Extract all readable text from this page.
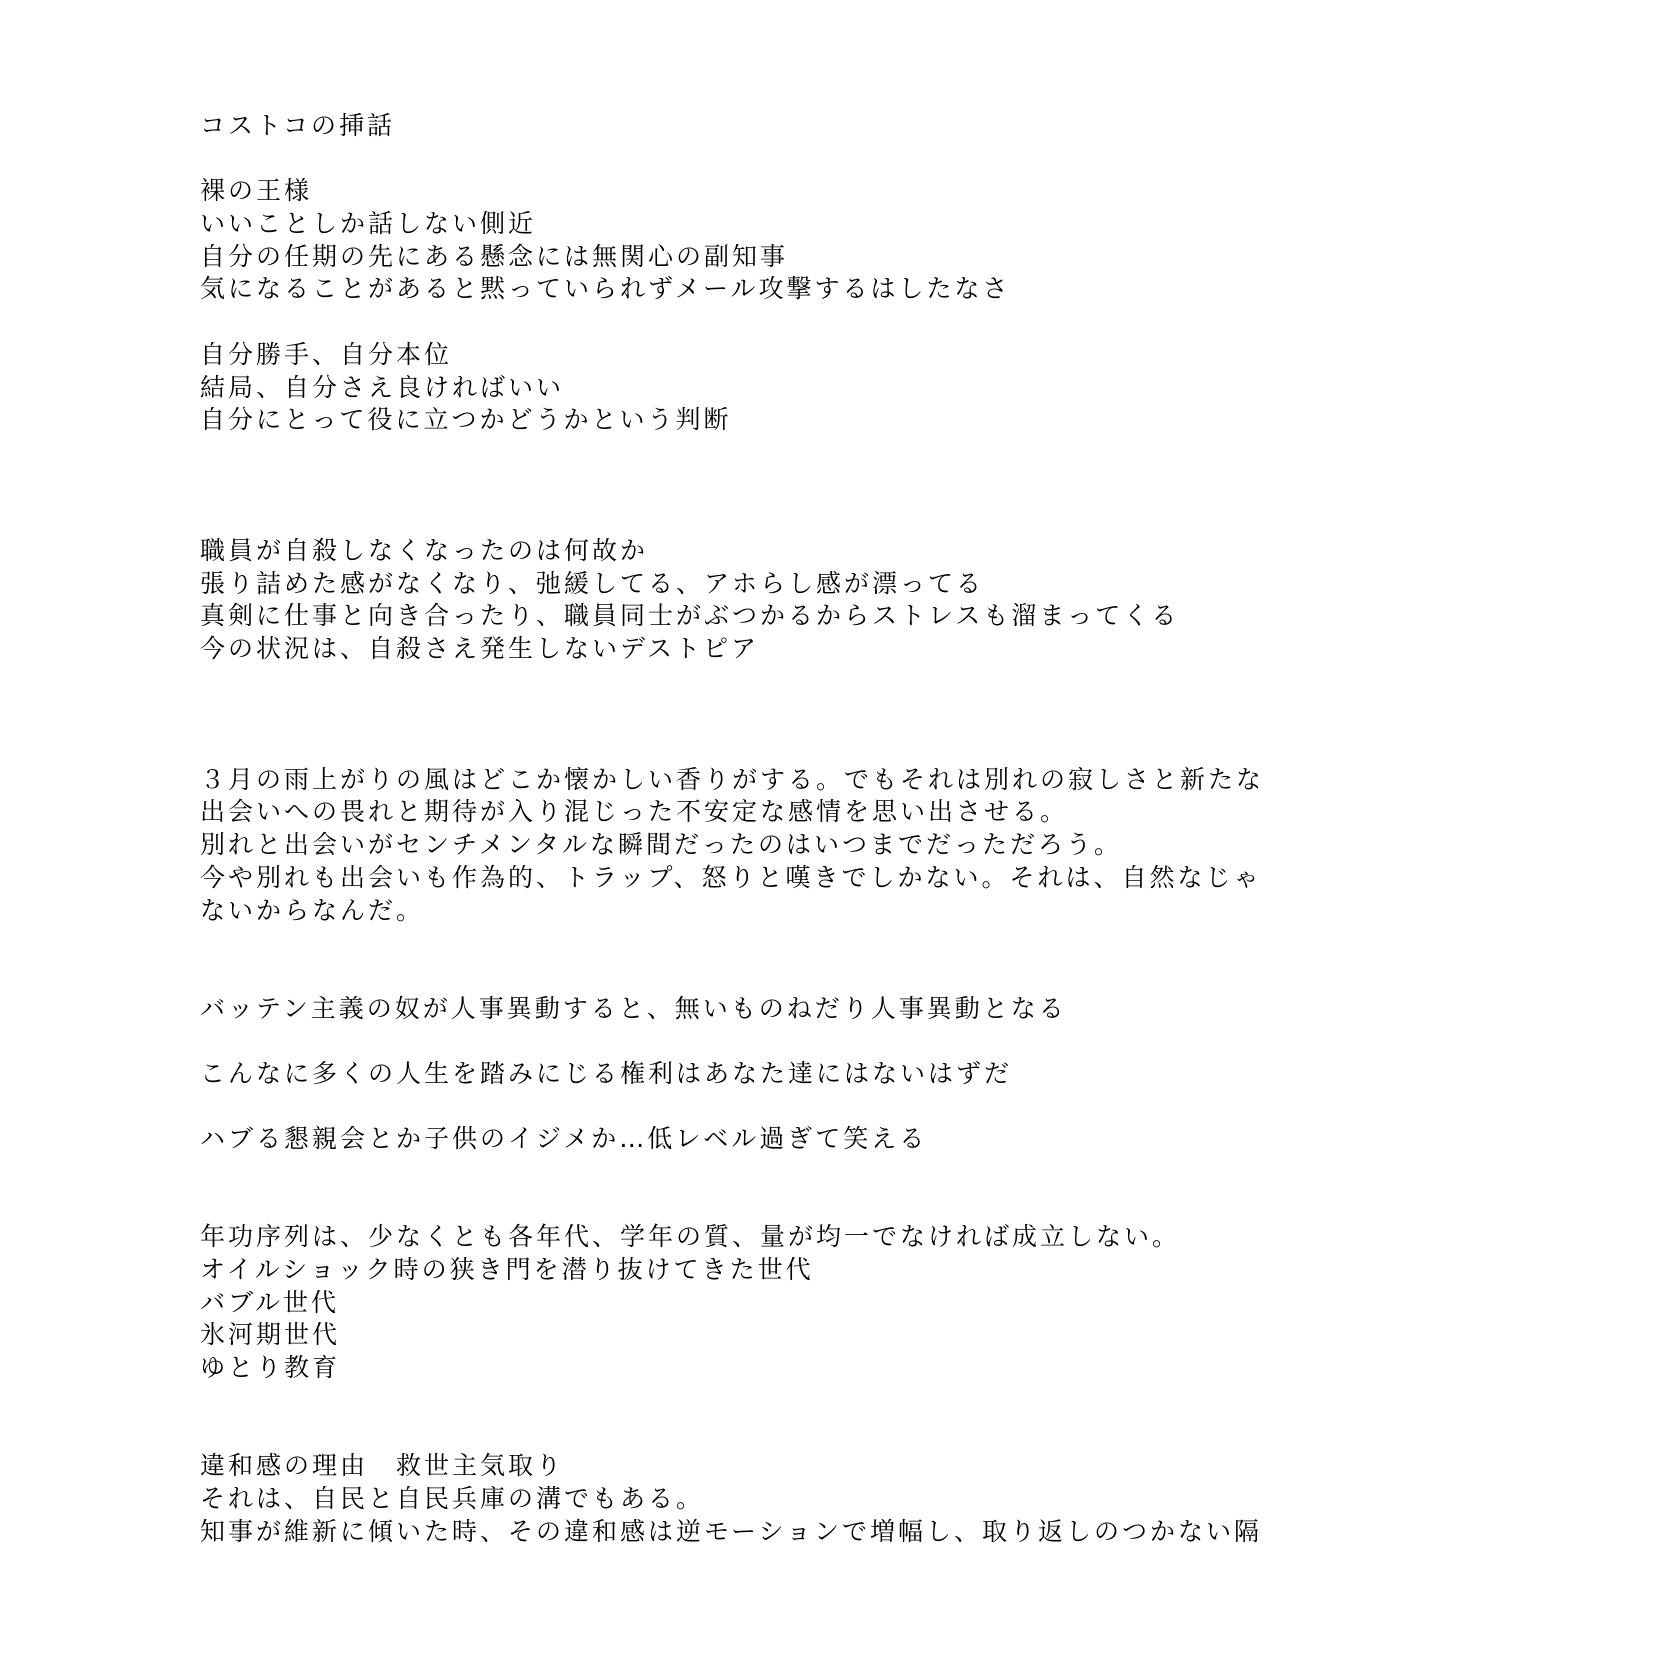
コストコの挿話
裸の王様
いいことしか話しない側近
自分の任期の先にある懸念には無関心の副知事
気になることがあると黙っていられずメール攻撃するはしたなさ
自分勝手、自分本位
結局、自分さえ良ければいい
自分にとって役に立つかどうかという判断
職員が自殺しなくなったのは何故か
張り詰めた感がなくなり、弛緩してる、アホらし感が漂ってる
真剣に仕事と向き合ったり、職員同士がぶつかるからストレスも溜まってくる
今の状況は、自殺さえ発生しないデストピア
３月の雨上がりの風はどこか懐かしい香りがする。でもそれは別れの寂しさと新たな
出会いへの畏れと期待が入り混じった不安定な感情を思い出させる。
別れと出会いがセンチメンタルな瞬間だったのはいつまでだっただろう。
今や別れも出会いも作為的、トラップ、怒りと嘆きでしかない。それは、自然なじゃ
ないからなんだ。
バッテン主義の奴が人事異動すると、無いものねだり人事異動となる
こんなに多くの人生を踏みにじる権利はあなた達にはないはずだ
ハブる懇親会とか子供のイジメか…低レベル過ぎて笑える
年功序列は、少なくとも各年代、学年の質、量が均一でなければ成立しない。
オイルショック時の狭き門を潜り抜けてきた世代
バブル世代
氷河期世代
ゆとり教育
違和感の理由　救世主気取り
それは、自民と自民兵庫の溝でもある。
知事が維新に傾いた時、その違和感は逆モーションで増幅し、取り返しのつかない隔
